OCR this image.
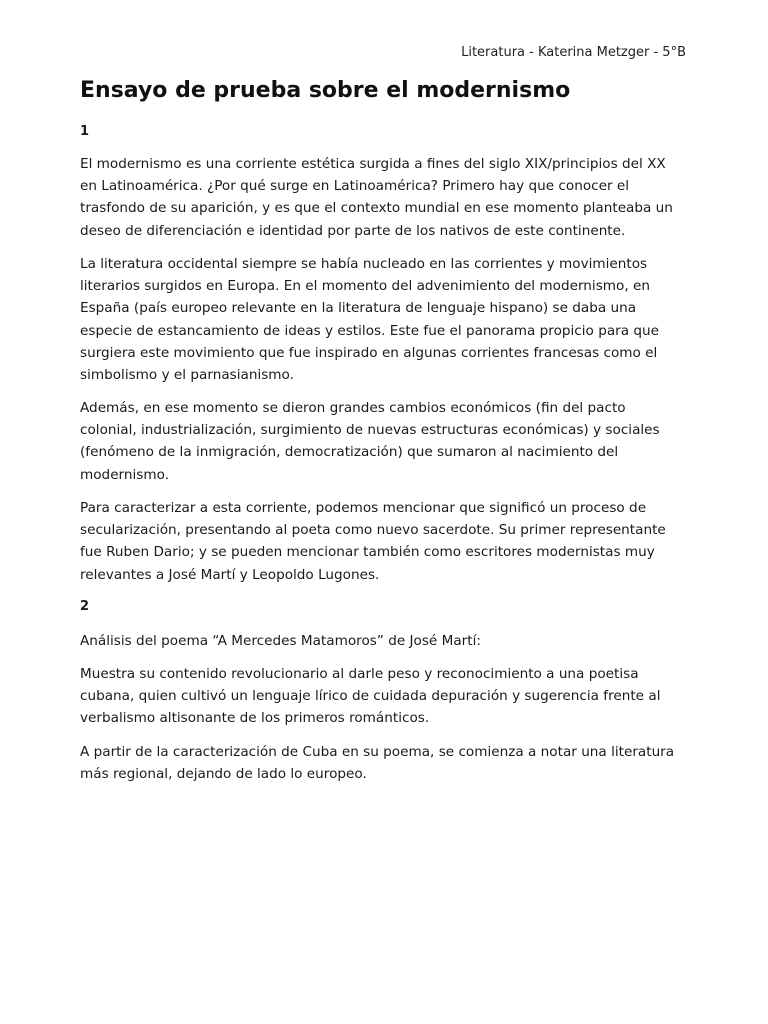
Literatura - Katerina Metzger - 5°B
Ensayo de prueba sobre el modernismo
1

El modernismo es una corriente estética surgida a fines del siglo XIX/principios del XX
en Latinoamérica. ¿Por qué surge en Latinoamérica? Primero hay que conocer el
trasfondo de su aparición, y es que el contexto mundial en ese momento planteaba un
deseo de diferenciación e identidad por parte de los nativos de este continente.

La literatura occidental siempre se había nucleado en las corrientes y movimientos
literarios surgidos en Europa. En el momento del advenimiento del modernismo, en
España (país europeo relevante en la literatura de lenguaje hispano) se daba una
especie de estancamiento de ideas y estilos. Este fue el panorama propicio para que
surgiera este movimiento que fue inspirado en algunas corrientes francesas como el
simbolismo y el parnasianismo.

Además, en ese momento se dieron grandes cambios económicos (fin del pacto
colonial, industrialización, surgimiento de nuevas estructuras económicas) y sociales
(fenómeno de la inmigración, democratización) que sumaron al nacimiento del
modernismo.

Para caracterizar a esta corriente, podemos mencionar que significó un proceso de
secularización, presentando al poeta como nuevo sacerdote. Su primer representante
fue Ruben Dario; y se pueden mencionar también como escritores modernistas muy
relevantes a José Martí y Leopoldo Lugones.

2

Análisis del poema “A Mercedes Matamoros” de José Martí:

Muestra su contenido revolucionario al darle peso y reconocimiento a una poetisa
cubana, quien cultivó un lenguaje lírico de cuidada depuración y sugerencia frente al
verbalismo altisonante de los primeros románticos.

A partir de la caracterización de Cuba en su poema, se comienza a notar una literatura
más regional, dejando de lado lo europeo.
